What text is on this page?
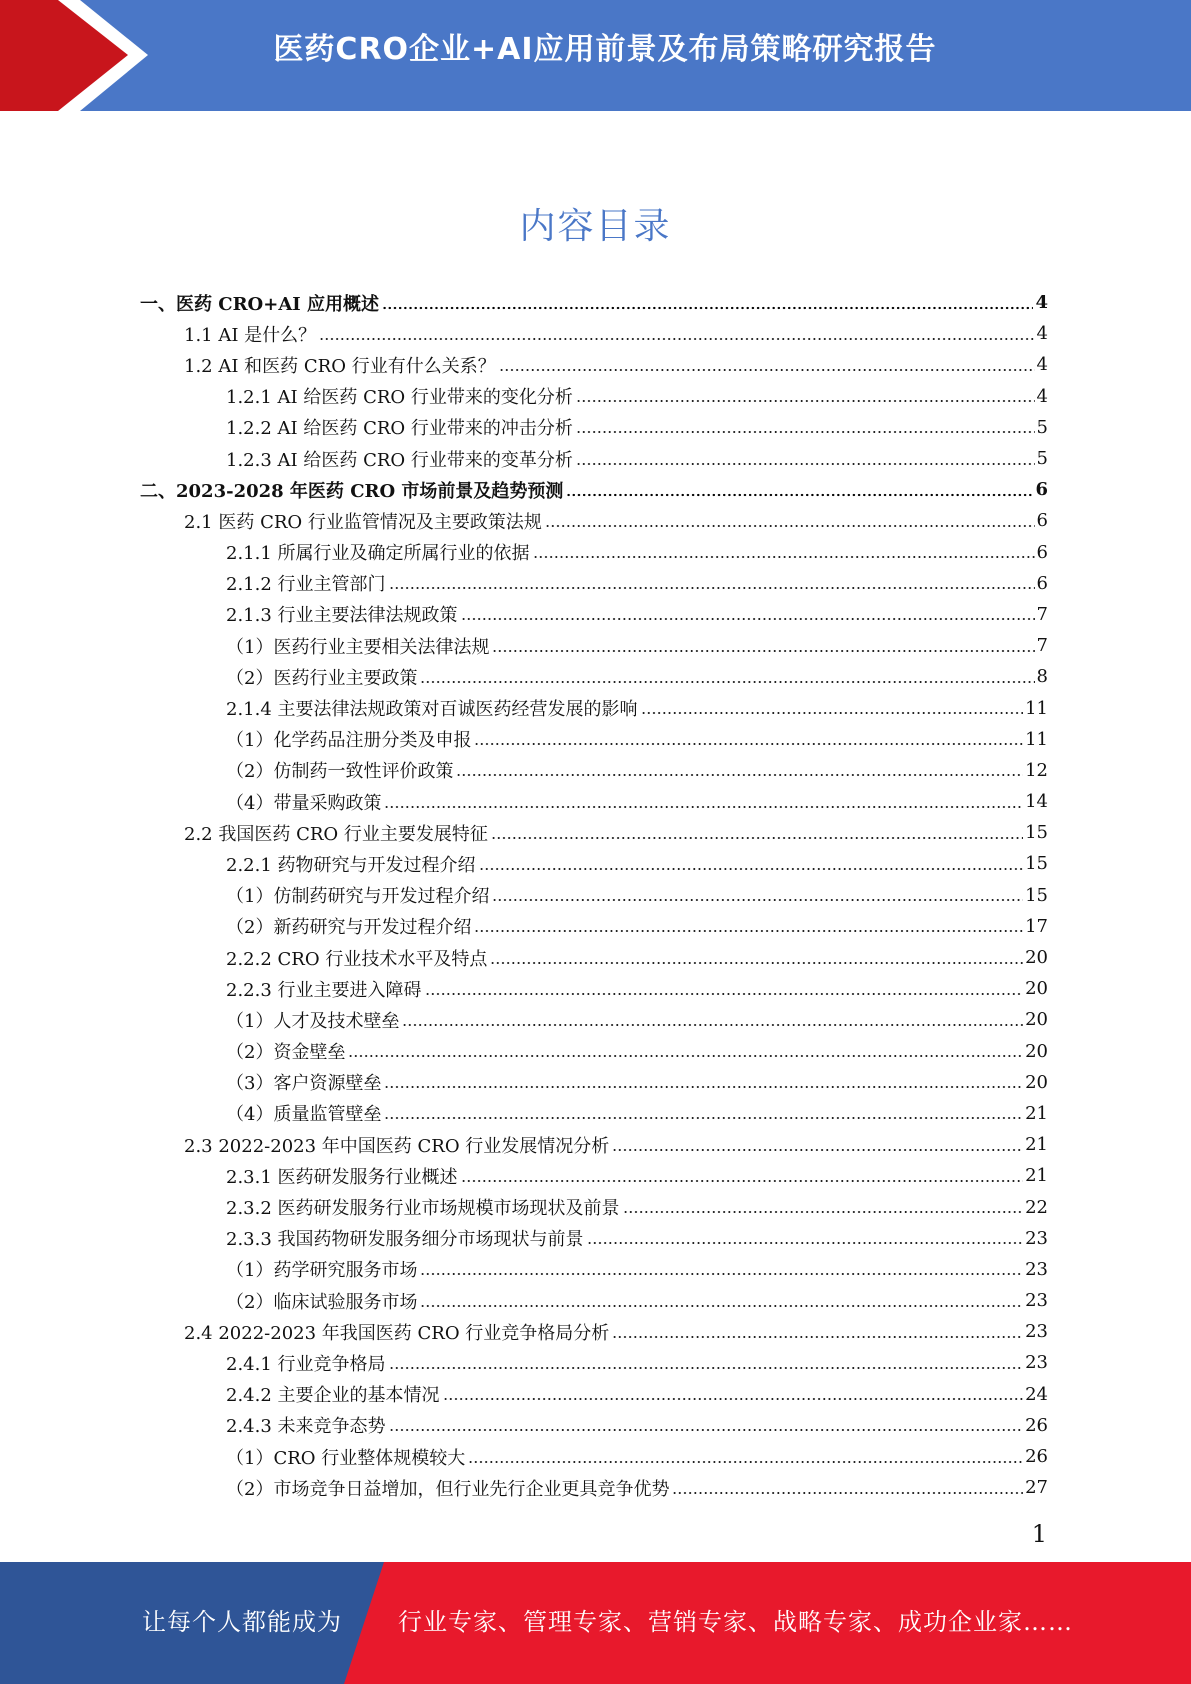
医药CRO企业+AI应用前景及布局策略研究报告
内容目录
一、医药 CRO+AI 应用概述	4
1.1 AI 是什么？	4
1.2 AI 和医药 CRO 行业有什么关系？	4
1.2.1 AI 给医药 CRO 行业带来的变化分析	4
1.2.2 AI 给医药 CRO 行业带来的冲击分析	5
1.2.3 AI 给医药 CRO 行业带来的变革分析	5
二、2023-2028 年医药 CRO 市场前景及趋势预测	6
2.1 医药 CRO 行业监管情况及主要政策法规	6
2.1.1 所属行业及确定所属行业的依据	6
2.1.2 行业主管部门	6
2.1.3 行业主要法律法规政策	7
（1）医药行业主要相关法律法规	7
（2）医药行业主要政策	8
2.1.4 主要法律法规政策对百诚医药经营发展的影响	11
（1）化学药品注册分类及申报	11
（2）仿制药一致性评价政策	12
（4）带量采购政策	14
2.2 我国医药 CRO 行业主要发展特征	15
2.2.1 药物研究与开发过程介绍	15
（1）仿制药研究与开发过程介绍	15
（2）新药研究与开发过程介绍	17
2.2.2 CRO 行业技术水平及特点	20
2.2.3 行业主要进入障碍	20
（1）人才及技术壁垒	20
（2）资金壁垒	20
（3）客户资源壁垒	20
（4）质量监管壁垒	21
2.3 2022-2023 年中国医药 CRO 行业发展情况分析	21
2.3.1 医药研发服务行业概述	21
2.3.2 医药研发服务行业市场规模市场现状及前景	22
2.3.3 我国药物研发服务细分市场现状与前景	23
（1）药学研究服务市场	23
（2）临床试验服务市场	23
2.4 2022-2023 年我国医药 CRO 行业竞争格局分析	23
2.4.1 行业竞争格局	23
2.4.2 主要企业的基本情况	24
2.4.3 未来竞争态势	26
（1）CRO 行业整体规模较大	26
（2）市场竞争日益增加，但行业先行企业更具竞争优势	27
1
让每个人都能成为 行业专家、管理专家、营销专家、战略专家、成功企业家……
